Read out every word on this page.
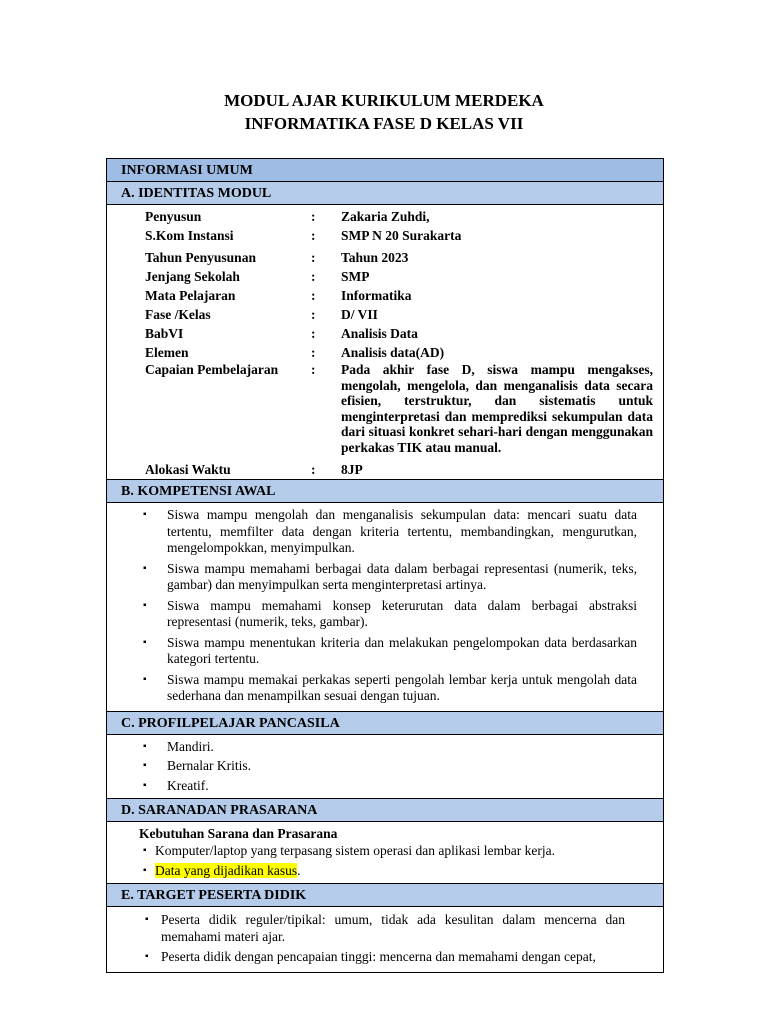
MODUL AJAR KURIKULUM MERDEKA
INFORMATIKA FASE D KELAS VII
INFORMASI UMUM
A. IDENTITAS MODUL
Penyusun	:	Zakaria Zuhdi,
S.Kom Instansi	:	SMP N 20 Surakarta
Tahun Penyusunan	:	Tahun 2023
Jenjang Sekolah	:	SMP
Mata Pelajaran	:	Informatika
Fase /Kelas	:	D/ VII
BabVI	:	Analisis Data
Elemen	:	Analisis data(AD)
Capaian Pembelajaran	:	Pada akhir fase D, siswa mampu mengakses, mengolah, mengelola, dan menganalisis data secara efisien, terstruktur, dan sistematis untuk menginterpretasi dan memprediksi sekumpulan data dari situasi konkret sehari-hari dengan menggunakan perkakas TIK atau manual.
Alokasi Waktu	:	8JP
B. KOMPETENSI AWAL
▪ Siswa mampu mengolah dan menganalisis sekumpulan data: mencari suatu data tertentu, memfilter data dengan kriteria tertentu, membandingkan, mengurutkan, mengelompokkan, menyimpulkan.
▪ Siswa mampu memahami berbagai data dalam berbagai representasi (numerik, teks, gambar) dan menyimpulkan serta menginterpretasi artinya.
▪ Siswa mampu memahami konsep keterurutan data dalam berbagai abstraksi representasi (numerik, teks, gambar).
▪ Siswa mampu menentukan kriteria dan melakukan pengelompokan data berdasarkan kategori tertentu.
▪ Siswa mampu memakai perkakas seperti pengolah lembar kerja untuk mengolah data sederhana dan menampilkan sesuai dengan tujuan.
C. PROFILPELAJAR PANCASILA
▪ Mandiri.
▪ Bernalar Kritis.
▪ Kreatif.
D. SARANADAN PRASARANA
Kebutuhan Sarana dan Prasarana
▪ Komputer/laptop yang terpasang sistem operasi dan aplikasi lembar kerja.
▪ Data yang dijadikan kasus.
E. TARGET PESERTA DIDIK
▪ Peserta didik reguler/tipikal: umum, tidak ada kesulitan dalam mencerna dan memahami materi ajar.
▪ Peserta didik dengan pencapaian tinggi: mencerna dan memahami dengan cepat,
